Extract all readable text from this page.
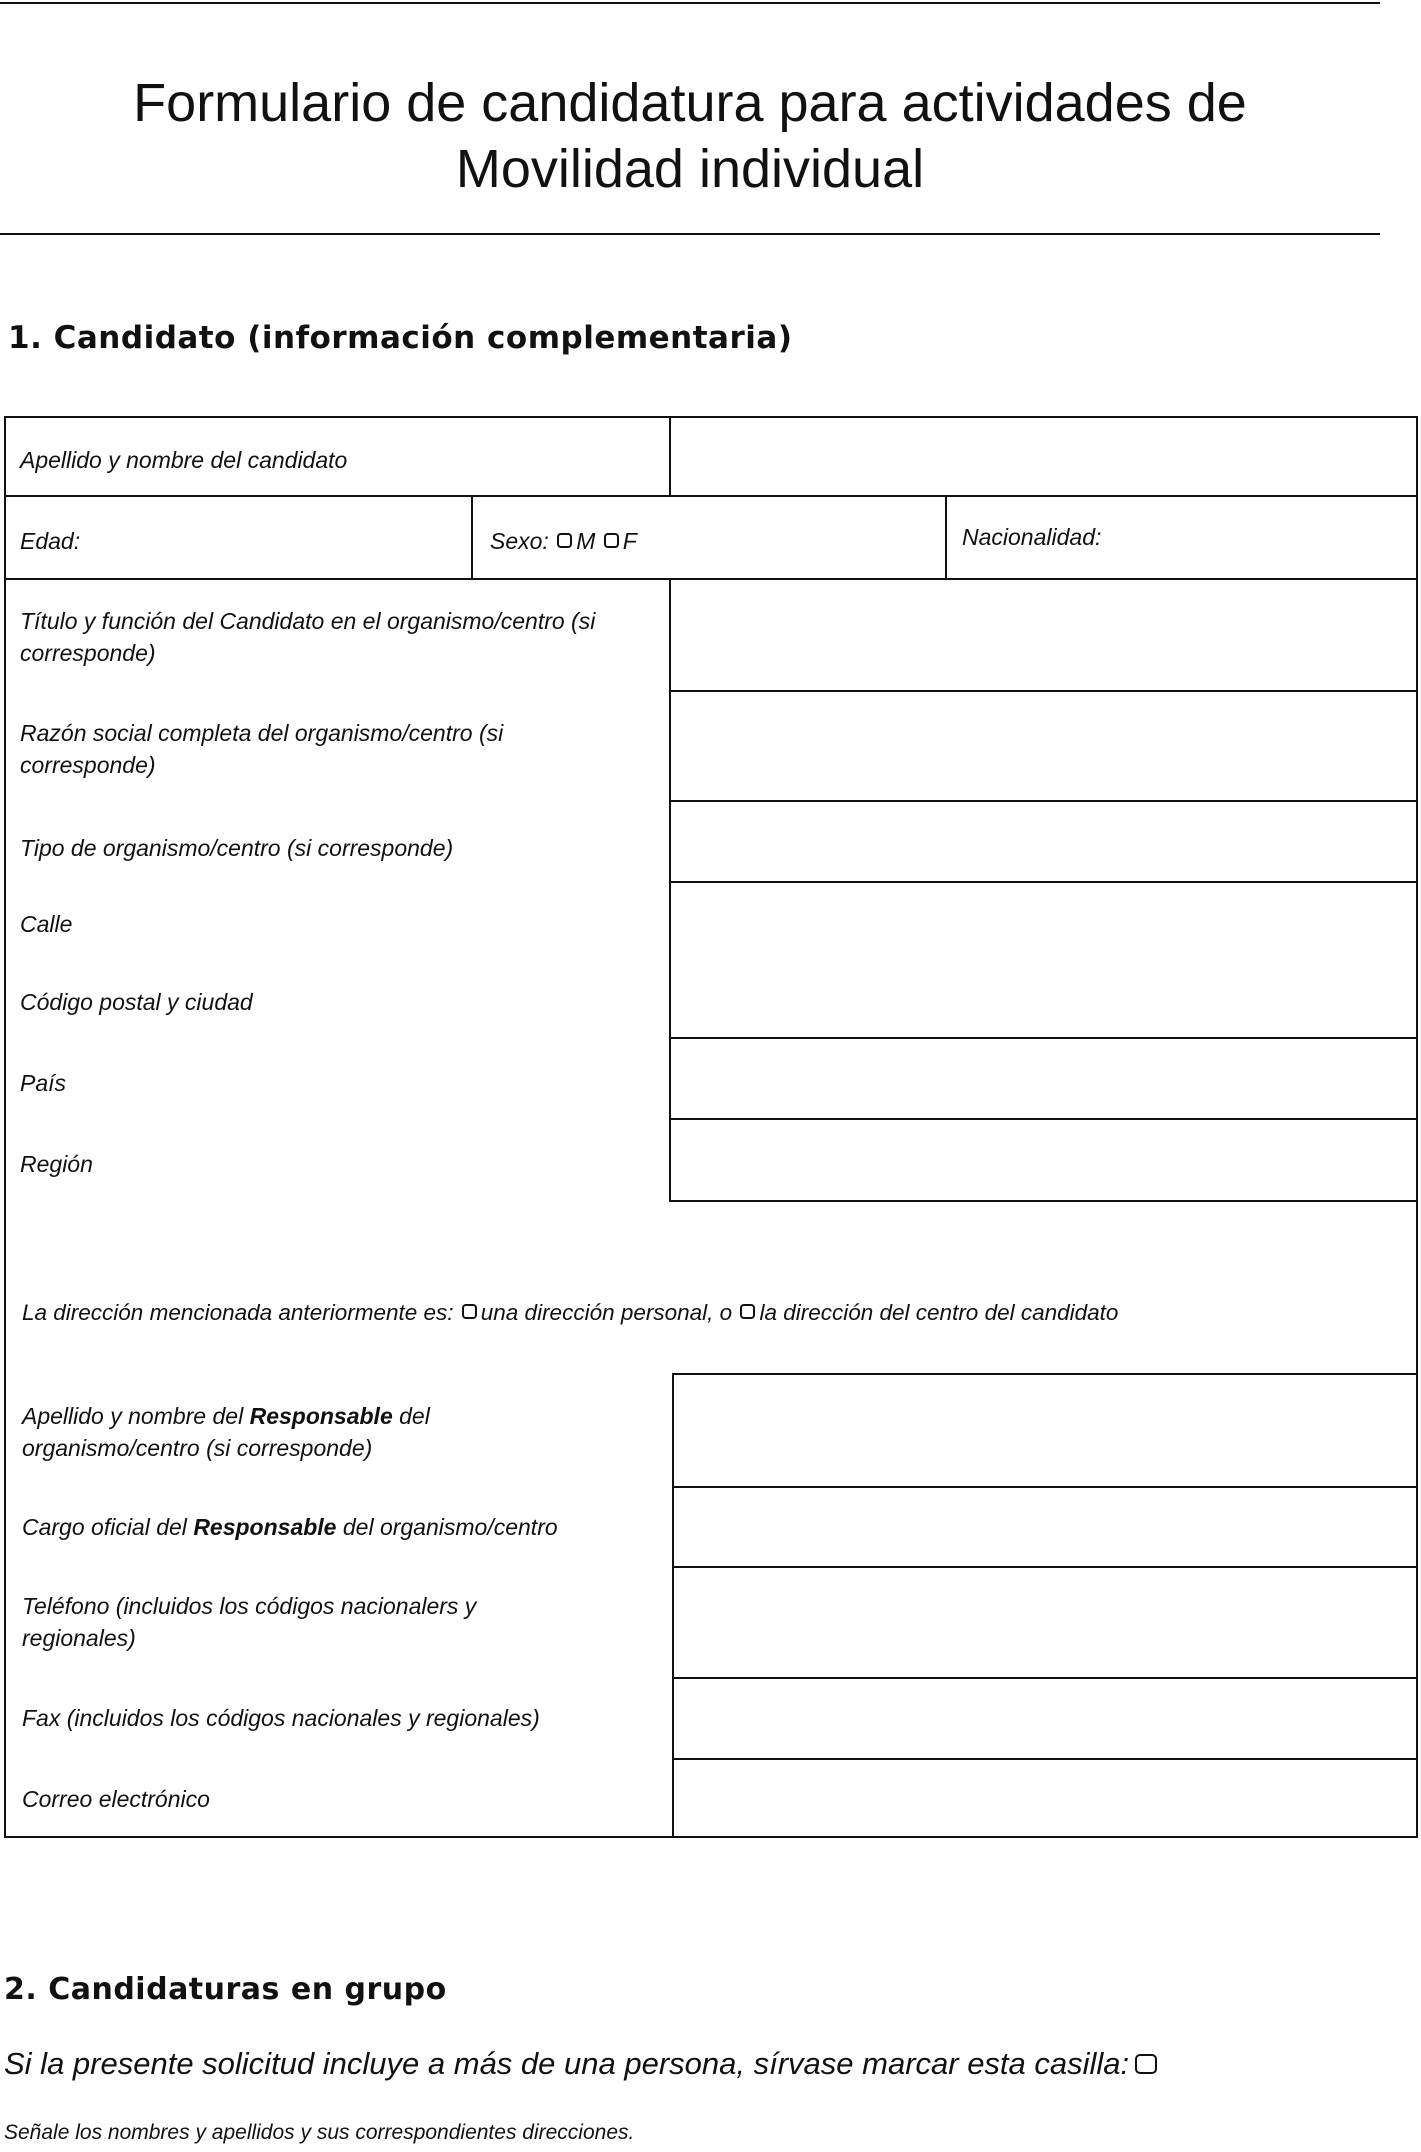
Formulario de candidatura para actividades de
Movilidad individual
1. Candidato (información complementaria)
Apellido y nombre del candidato
Edad:	Sexo: M F	Nacionalidad:
Título y función del Candidato en el organismo/centro (si corresponde)
Razón social completa del organismo/centro (si corresponde)
Tipo de organismo/centro (si corresponde)
Calle
Código postal y ciudad
País
Región
La dirección mencionada anteriormente es: una dirección personal, o la dirección del centro del candidato
Apellido y nombre del Responsable del organismo/centro (si corresponde)
Cargo oficial del Responsable del organismo/centro
Teléfono (incluidos los códigos nacionalers y regionales)
Fax (incluidos los códigos nacionales y regionales)
Correo electrónico
2. Candidaturas en grupo
Si la presente solicitud incluye a más de una persona, sírvase marcar esta casilla:
Señale los nombres y apellidos y sus correspondientes direcciones.
